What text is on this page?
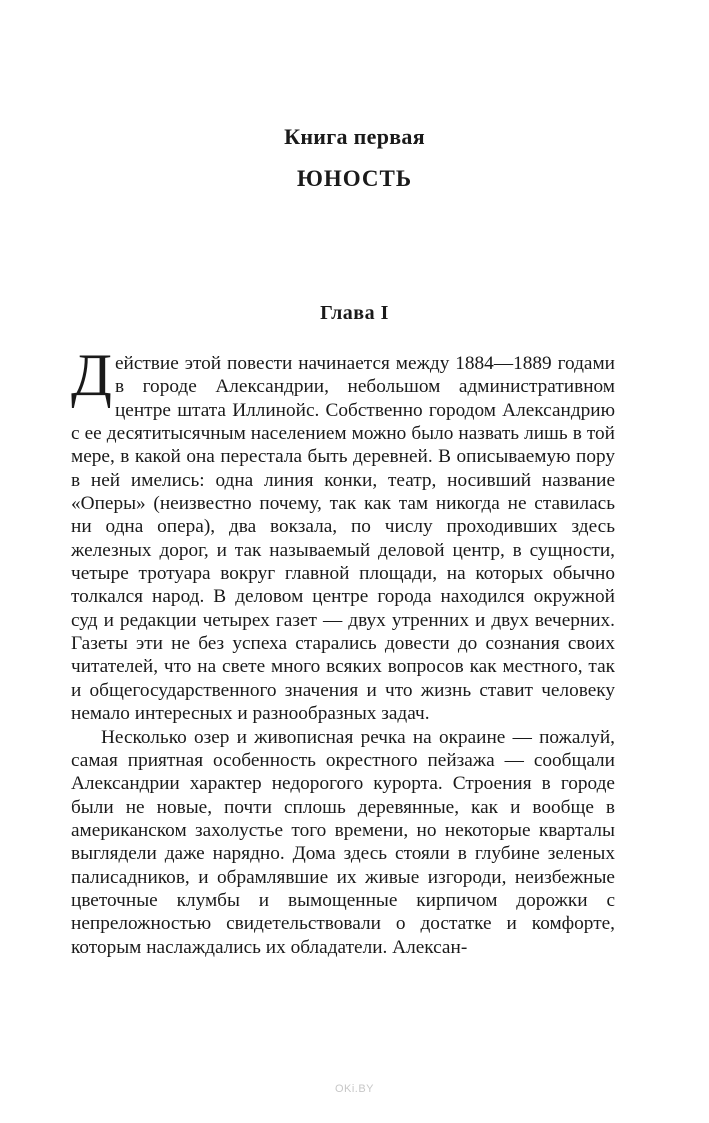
Книга первая
ЮНОСТЬ
Глава I

Действие этой повести начинается между 1884—1889 годами в городе Александрии, небольшом административном центре штата Иллинойс. Собственно городом Александрию с ее десятитысячным населением можно было назвать лишь в той мере, в какой она перестала быть деревней. В описываемую пору в ней имелись: одна линия конки, театр, носивший название «Оперы» (неизвестно почему, так как там никогда не ставилась ни одна опера), два вокзала, по числу проходивших здесь железных дорог, и так называемый деловой центр, в сущности, четыре тротуара вокруг главной площади, на которых обычно толкался народ. В деловом центре города находился окружной суд и редакции четырех газет — двух утренних и двух вечерних. Газеты эти не без успеха старались довести до сознания своих читателей, что на свете много всяких вопросов как местного, так и общегосударственного значения и что жизнь ставит человеку немало интересных и разнообразных задач.

Несколько озер и живописная речка на окраине — пожалуй, самая приятная особенность окрестного пейзажа — сообщали Александрии характер недорогого курорта. Строения в городе были не новые, почти сплошь деревянные, как и вообще в американском захолустье того времени, но некоторые кварталы выглядели даже нарядно. Дома здесь стояли в глубине зеленых палисадников, и обрамлявшие их живые изгороди, неизбежные цветочные клумбы и вымощенные кирпичом дорожки с непреложностью свидетельствовали о достатке и комфорте, которым наслаждались их обладатели. Алексан-

OKi.BY
